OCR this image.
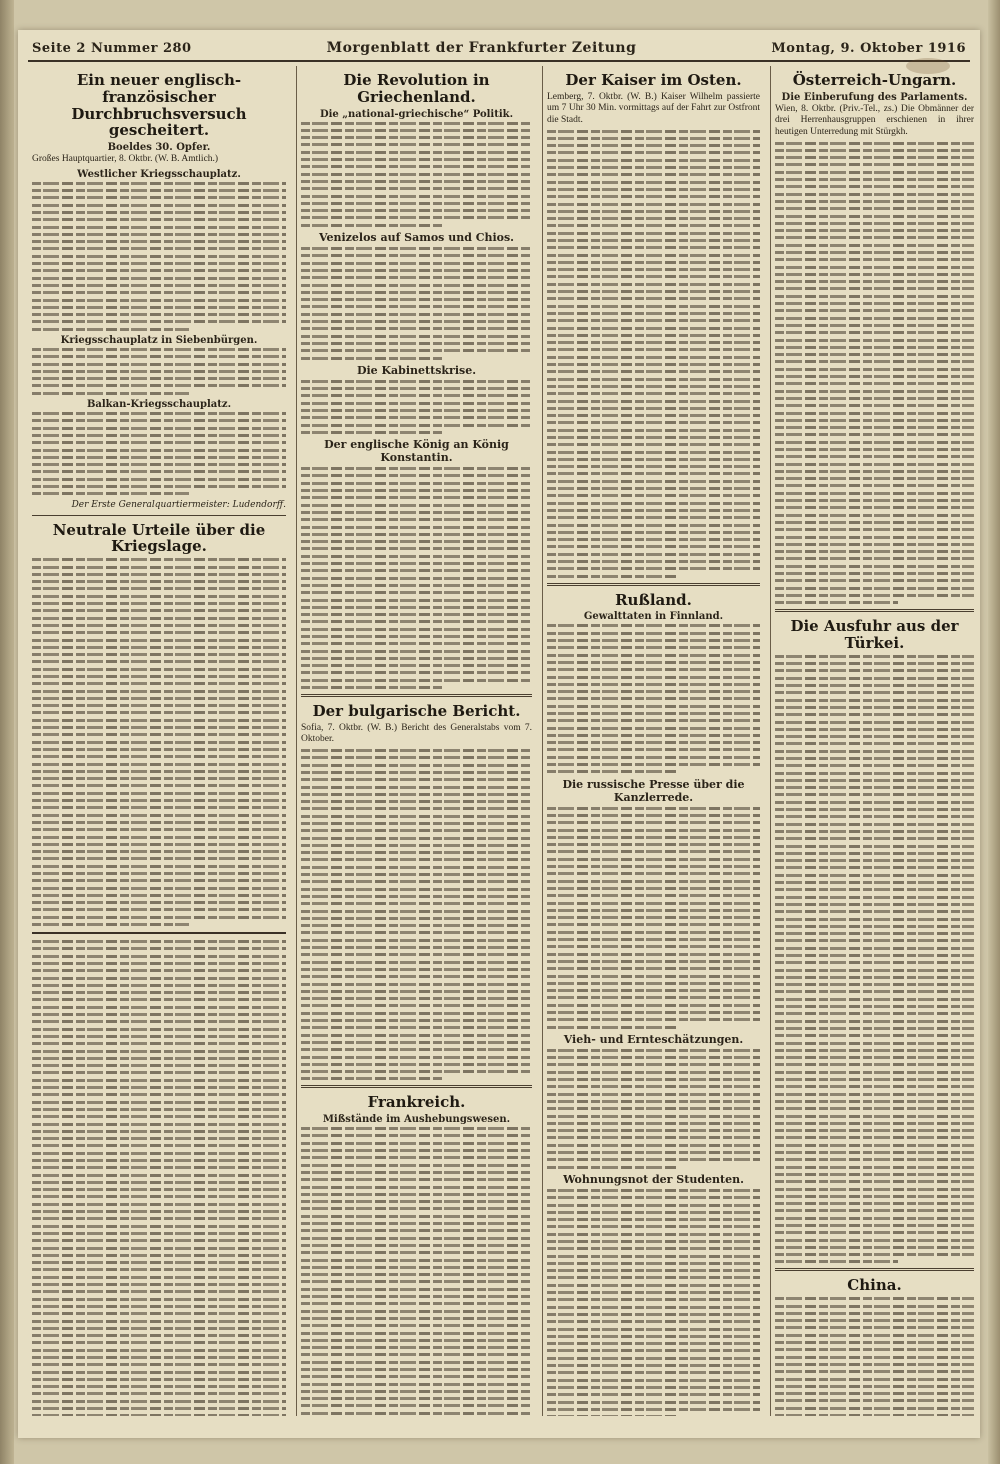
Seite 2 Nummer 280	Morgenblatt der Frankfurter Zeitung	Montag, 9. Oktober 1916
Ein neuer englisch-französischer Durchbruchsversuch gescheitert.
Boeldes 30. Opfer.
Großes Hauptquartier, 8. Oktbr. (W. B. Amtlich.)
Westlicher Kriegsschauplatz.
Kriegsschauplatz in Siebenbürgen.
Balkan-Kriegsschauplatz.
Der Erste Generalquartiermeister: Ludendorff.
Neutrale Urteile über die Kriegslage.
Die Revolution in Griechenland.
Die „national-griechische“ Politik.
Venizelos auf Samos und Chios.
Die Kabinettskrise.
Der englische König an König Konstantin.
Der bulgarische Bericht.
Sofia, 7. Oktbr. (W. B.) Bericht des Generalstabs vom 7. Oktober.
Frankreich.
Mißstände im Aushebungswesen.
Der Kaiser im Osten.
Lemberg, 7. Oktbr. (W. B.) Kaiser Wilhelm passierte um 7 Uhr 30 Min. vormittags auf der Fahrt zur Ostfront die Stadt.
Rußland.
Gewalttaten in Finnland.
Die russische Presse über die Kanzlerrede.
Vieh- und Ernteschätzungen.
Wohnungsnot der Studenten.
Österreich-Ungarn.
Die Einberufung des Parlaments.
Wien, 8. Oktbr. (Priv.-Tel., zs.) Die Obmänner der drei Herrenhausgruppen erschienen in ihrer heutigen Unterredung mit Stürgkh.
Die Ausfuhr aus der Türkei.
China.
